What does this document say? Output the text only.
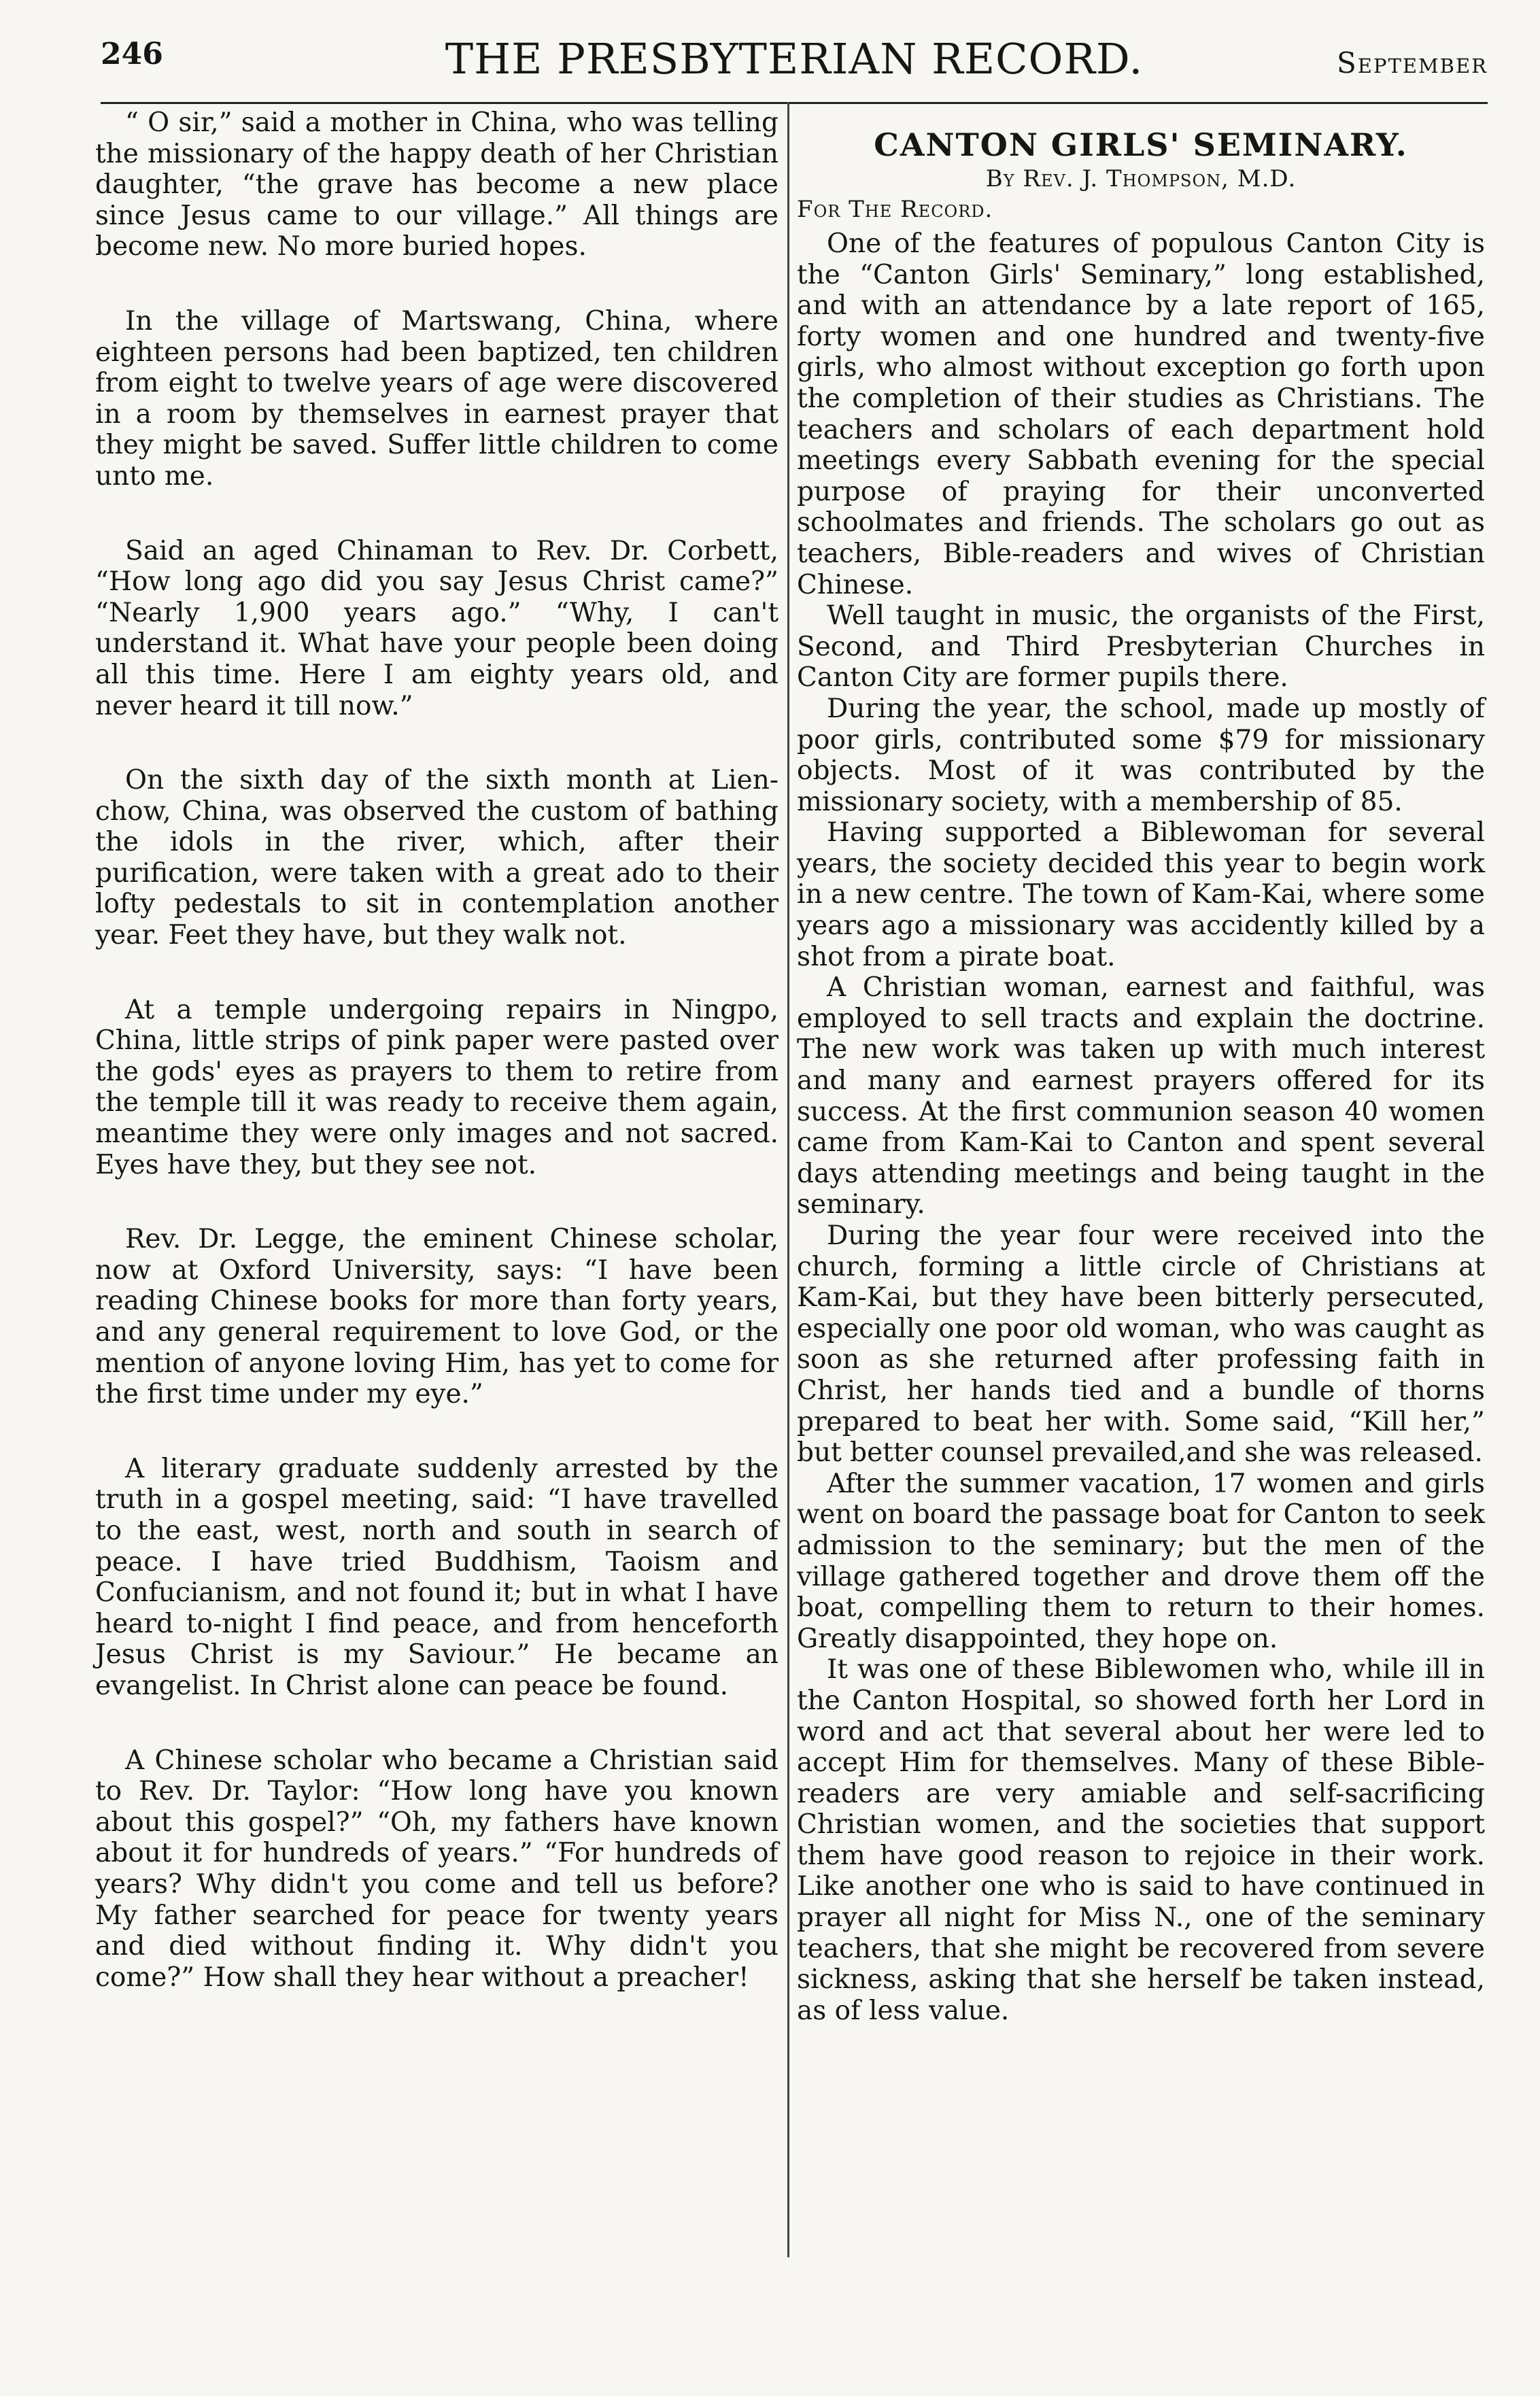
246	THE PRESBYTERIAN RECORD.	September

“ O sir,” said a mother in China, who was telling the missionary of the happy death of her Christian daughter, “the grave has become a new place since Jesus came to our village.” All things are become new. No more buried hopes.

In the village of Martswang, China, where eighteen persons had been baptized, ten children from eight to twelve years of age were discovered in a room by themselves in earnest prayer that they might be saved. Suffer little children to come unto me.

Said an aged Chinaman to Rev. Dr. Corbett, “How long ago did you say Jesus Christ came?” “Nearly 1,900 years ago.” “Why, I can't understand it. What have your people been doing all this time. Here I am eighty years old, and never heard it till now.”

On the sixth day of the sixth month at Lien-chow, China, was observed the custom of bathing the idols in the river, which, after their purification, were taken with a great ado to their lofty pedestals to sit in contemplation another year. Feet they have, but they walk not.

At a temple undergoing repairs in Ningpo, China, little strips of pink paper were pasted over the gods' eyes as prayers to them to retire from the temple till it was ready to receive them again, meantime they were only images and not sacred. Eyes have they, but they see not.

Rev. Dr. Legge, the eminent Chinese scholar, now at Oxford University, says: “I have been reading Chinese books for more than forty years, and any general requirement to love God, or the mention of anyone loving Him, has yet to come for the first time under my eye.”

A literary graduate suddenly arrested by the truth in a gospel meeting, said: “I have travelled to the east, west, north and south in search of peace. I have tried Buddhism, Taoism and Confucianism, and not found it; but in what I have heard to-night I find peace, and from henceforth Jesus Christ is my Saviour.” He became an evangelist. In Christ alone can peace be found.

A Chinese scholar who became a Christian said to Rev. Dr. Taylor: “How long have you known about this gospel?” “Oh, my fathers have known about it for hundreds of years.” “For hundreds of years? Why didn't you come and tell us before? My father searched for peace for twenty years and died without finding it. Why didn't you come?” How shall they hear without a preacher!

CANTON GIRLS' SEMINARY.

By Rev. J. Thompson, M.D.

For The Record.

One of the features of populous Canton City is the “Canton Girls' Seminary,” long established, and with an attendance by a late report of 165, forty women and one hundred and twenty-five girls, who almost without exception go forth upon the completion of their studies as Christians. The teachers and scholars of each department hold meetings every Sabbath evening for the special purpose of praying for their unconverted schoolmates and friends. The scholars go out as teachers, Bible-readers and wives of Christian Chinese.

Well taught in music, the organists of the First, Second, and Third Presbyterian Churches in Canton City are former pupils there.

During the year, the school, made up mostly of poor girls, contributed some $79 for missionary objects. Most of it was contributed by the missionary society, with a membership of 85.

Having supported a Biblewoman for several years, the society decided this year to begin work in a new centre. The town of Kam-Kai, where some years ago a missionary was accidently killed by a shot from a pirate boat.

A Christian woman, earnest and faithful, was employed to sell tracts and explain the doctrine. The new work was taken up with much interest and many and earnest prayers offered for its success. At the first communion season 40 women came from Kam-Kai to Canton and spent several days attending meetings and being taught in the seminary.

During the year four were received into the church, forming a little circle of Christians at Kam-Kai, but they have been bitterly persecuted, especially one poor old woman, who was caught as soon as she returned after professing faith in Christ, her hands tied and a bundle of thorns prepared to beat her with. Some said, “Kill her,” but better counsel prevailed,and she was released.

After the summer vacation, 17 women and girls went on board the passage boat for Canton to seek admission to the seminary; but the men of the village gathered together and drove them off the boat, compelling them to return to their homes. Greatly disappointed, they hope on.

It was one of these Biblewomen who, while ill in the Canton Hospital, so showed forth her Lord in word and act that several about her were led to accept Him for themselves. Many of these Bible-readers are very amiable and self-sacrificing Christian women, and the societies that support them have good reason to rejoice in their work. Like another one who is said to have continued in prayer all night for Miss N., one of the seminary teachers, that she might be recovered from severe sickness, asking that she herself be taken instead, as of less value.
